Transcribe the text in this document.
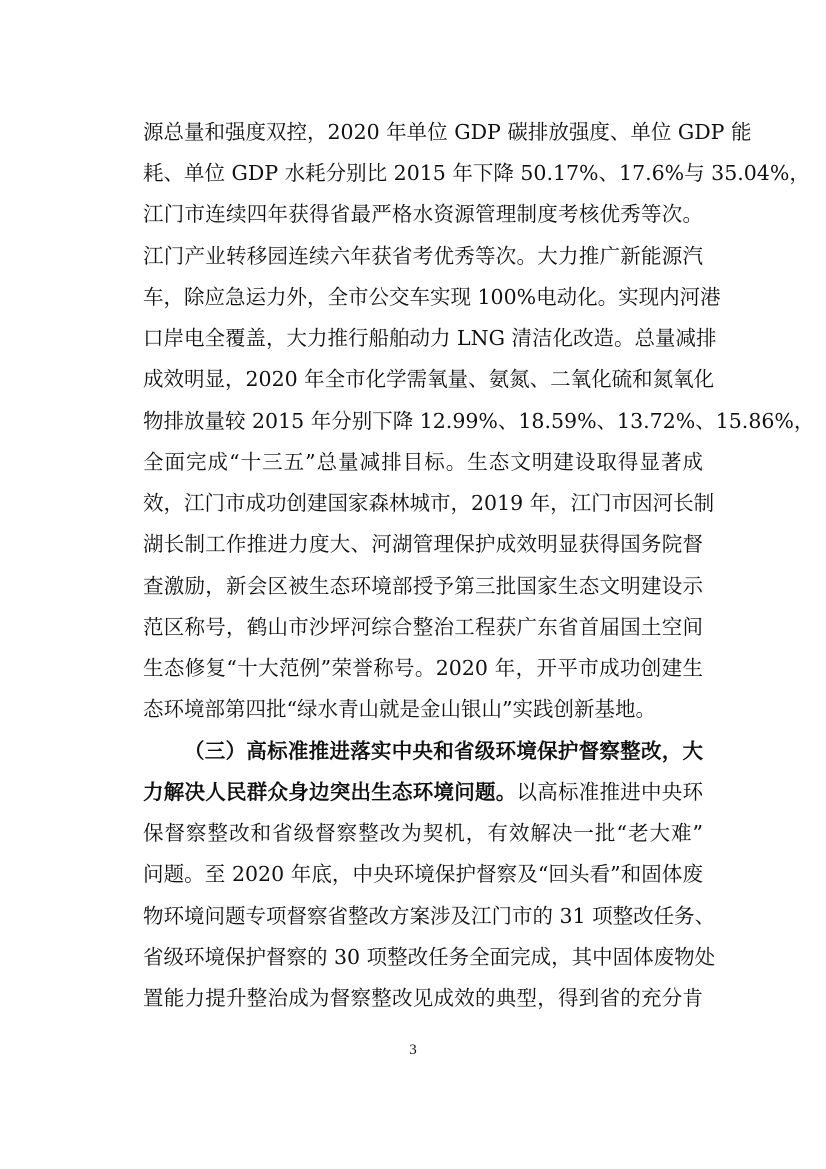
源总量和强度双控，2020 年单位 GDP 碳排放强度、单位 GDP 能
耗、单位 GDP 水耗分别比 2015 年下降 50.17%、17.6%与 35.04%，
江门市连续四年获得省最严格水资源管理制度考核优秀等次。
江门产业转移园连续六年获省考优秀等次。大力推广新能源汽
车，除应急运力外，全市公交车实现 100%电动化。实现内河港
口岸电全覆盖，大力推行船舶动力 LNG 清洁化改造。总量减排
成效明显，2020 年全市化学需氧量、氨氮、二氧化硫和氮氧化
物排放量较 2015 年分别下降 12.99%、18.59%、13.72%、15.86%，
全面完成“十三五”总量减排目标。生态文明建设取得显著成
效，江门市成功创建国家森林城市，2019 年，江门市因河长制
湖长制工作推进力度大、河湖管理保护成效明显获得国务院督
查激励，新会区被生态环境部授予第三批国家生态文明建设示
范区称号，鹤山市沙坪河综合整治工程获广东省首届国土空间
生态修复“十大范例”荣誉称号。2020 年，开平市成功创建生
态环境部第四批“绿水青山就是金山银山”实践创新基地。
（三）高标准推进落实中央和省级环境保护督察整改，大
力解决人民群众身边突出生态环境问题。以高标准推进中央环
保督察整改和省级督察整改为契机，有效解决一批“老大难”
问题。至 2020 年底，中央环境保护督察及“回头看”和固体废
物环境问题专项督察省整改方案涉及江门市的 31 项整改任务、
省级环境保护督察的 30 项整改任务全面完成，其中固体废物处
置能力提升整治成为督察整改见成效的典型，得到省的充分肯
3
